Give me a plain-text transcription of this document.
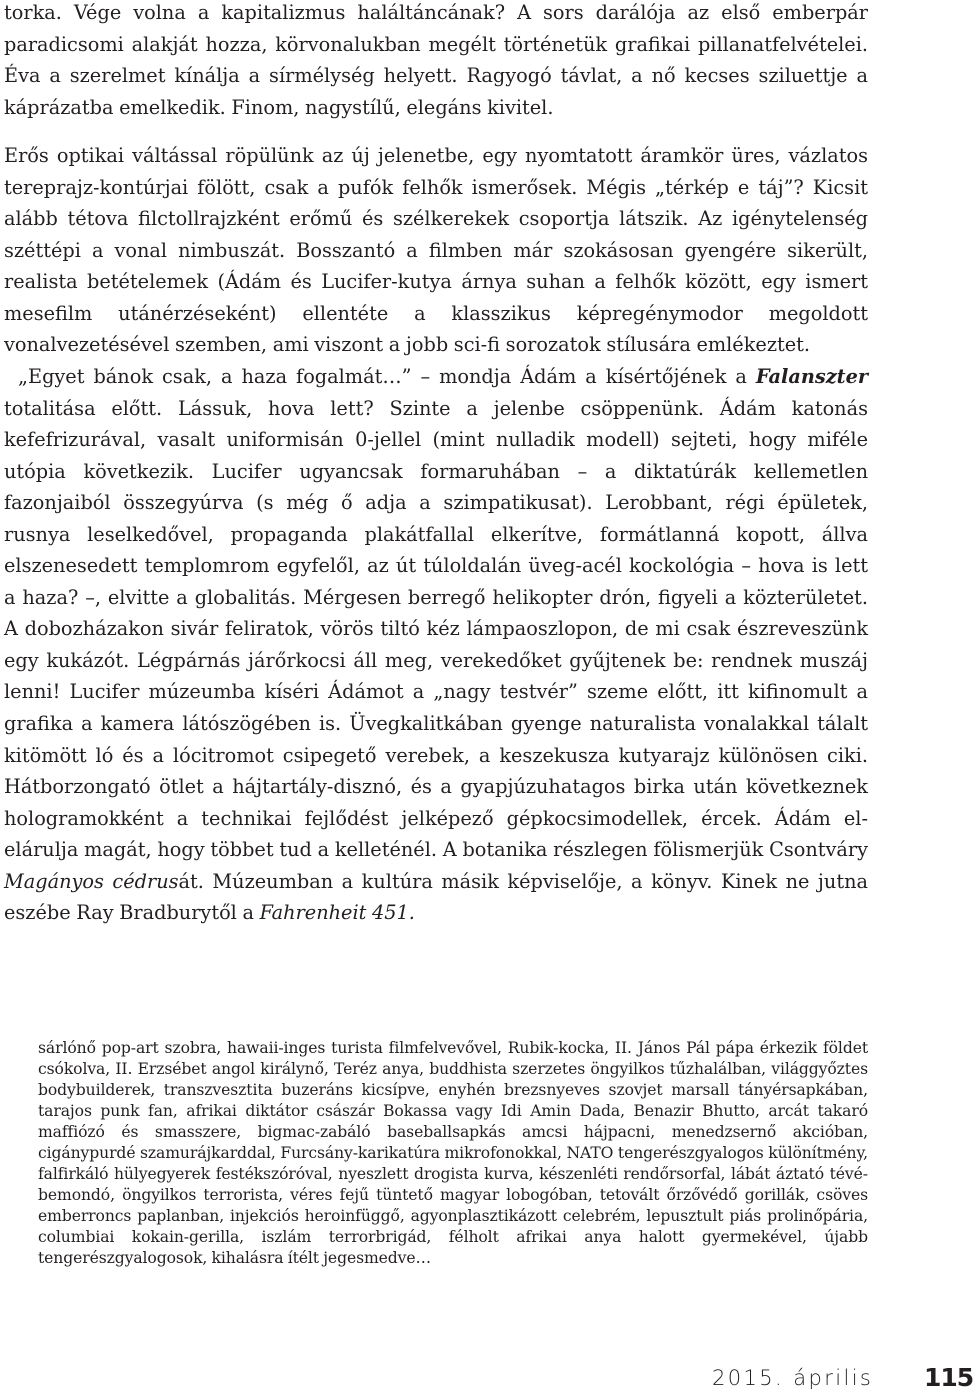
torka. Vége volna a kapitalizmus haláltáncának? A sors darálója az első emberpár paradicsomi alakját hozza, körvonalukban megélt történetük grafikai pillanatfelvételei. Éva a szerelmet kínálja a sírmélység helyett. Ragyogó távlat, a nő kecses sziluettje a káprázatba emelkedik. Finom, nagystílű, elegáns kivitel.

Erős optikai váltással röpülünk az új jelenetbe, egy nyomtatott áramkör üres, vázlatos tereprajz-kontúrjai fölött, csak a pufók felhők ismerősek. Mégis „térkép e táj”? Kicsit alább tétova filctollrajzként erőmű és szélkerekek csoportja látszik. Az igénytelenség széttépi a vonal nimbuszát. Bosszantó a filmben már szokásosan gyengére sikerült, realista betételemek (Ádám és Lucifer-kutya árnya suhan a felhők között, egy ismert mesefilm utánérzéseként) ellentéte a klasszikus képregénymodor megoldott vonalvezetésével szemben, ami viszont a jobb sci-fi sorozatok stílusára emlékeztet.

„Egyet bánok csak, a haza fogalmát…” – mondja Ádám a kísértőjének a Falanszter totalitása előtt. Lássuk, hova lett? Szinte a jelenbe csöppenünk. Ádám katonás kefefrizurával, vasalt uniformisán 0-jellel (mint nulladik modell) sejteti, hogy miféle utópia következik. Lucifer ugyancsak formaruhában – a diktatúrák kellemetlen fazonjaiból összegyúrva (s még ő adja a szimpatikusat). Lerobbant, régi épületek, rusnya leselkedővel, propaganda plakátfallal elkerítve, formátlanná kopott, állva elszenesedett templomrom egyfelől, az út túloldalán üveg-acél kockológia – hova is lett a haza? –, elvitte a globalitás. Mérgesen berregő helikopter drón, figyeli a közterületet. A dobozházakon sivár feliratok, vörös tiltó kéz lámpaoszlopon, de mi csak észreveszünk egy kukázót. Légpárnás járőrkocsi áll meg, verekedőket gyűjtenek be: rendnek muszáj lenni! Lucifer múzeumba kíséri Ádámot a „nagy testvér” szeme előtt, itt kifinomult a grafika a kamera látószögében is. Üvegkalitkában gyenge naturalista vonalakkal tálalt kitömött ló és a lócitromot csipegető verebek, a keszekusza kutyarajz különösen ciki. Hátborzongató ötlet a hájtartály-disznó, és a gyapjúzuhatagos birka után következnek hologramokként a technikai fejlődést jelképező gépkocsimodellek, ércek. Ádám el-elárulja magát, hogy többet tud a kelleténél. A botanika részlegen fölismerjük Csontváry Magányos cédrusát. Múzeumban a kultúra másik képviselője, a könyv. Kinek ne jutna eszébe Ray Bradburytől a Fahrenheit 451.

sárlónő pop-art szobra, hawaii-inges turista filmfelvevővel, Rubik-kocka, II. János Pál pápa érkezik földet csókolva, II. Erzsébet angol királynő, Teréz anya, buddhista szerzetes öngyilkos tűzhalálban, világgyőztes bodybuilderek, transzvesztita buzeráns kicsípve, enyhén brezsnyeves szovjet marsall tányérsapkában, tarajos punk fan, afrikai diktátor császár Bokassa vagy Idi Amin Dada, Benazir Bhutto, arcát takaró maffiózó és smasszere, bigmac-zabáló baseballsapkás amcsi hájpacni, menedzsernő akcióban, cigánypurdé szamurájkarddal, Furcsány-karikatúra mikrofonokkal, NATO tengerészgyalogos különítmény, falfirkáló hülyegyerek festékszóróval, nyeszlett drogista kurva, készenléti rendőrsorfal, lábát áztató tévébemondó, öngyilkos terrorista, véres fejű tüntető magyar lobogóban, tetovált őrzővédő gorillák, csöves emberroncs paplanban, injekciós heroinfüggő, agyonplasztikázott celebrém, lepusztult piás prolinőpária, columbiai kokain-gerilla, iszlám terrorbrigád, félholt afrikai anya halott gyermekével, újabb tengerészgyalogosok, kihalásra ítélt jegesmedve…

2015. április 115
